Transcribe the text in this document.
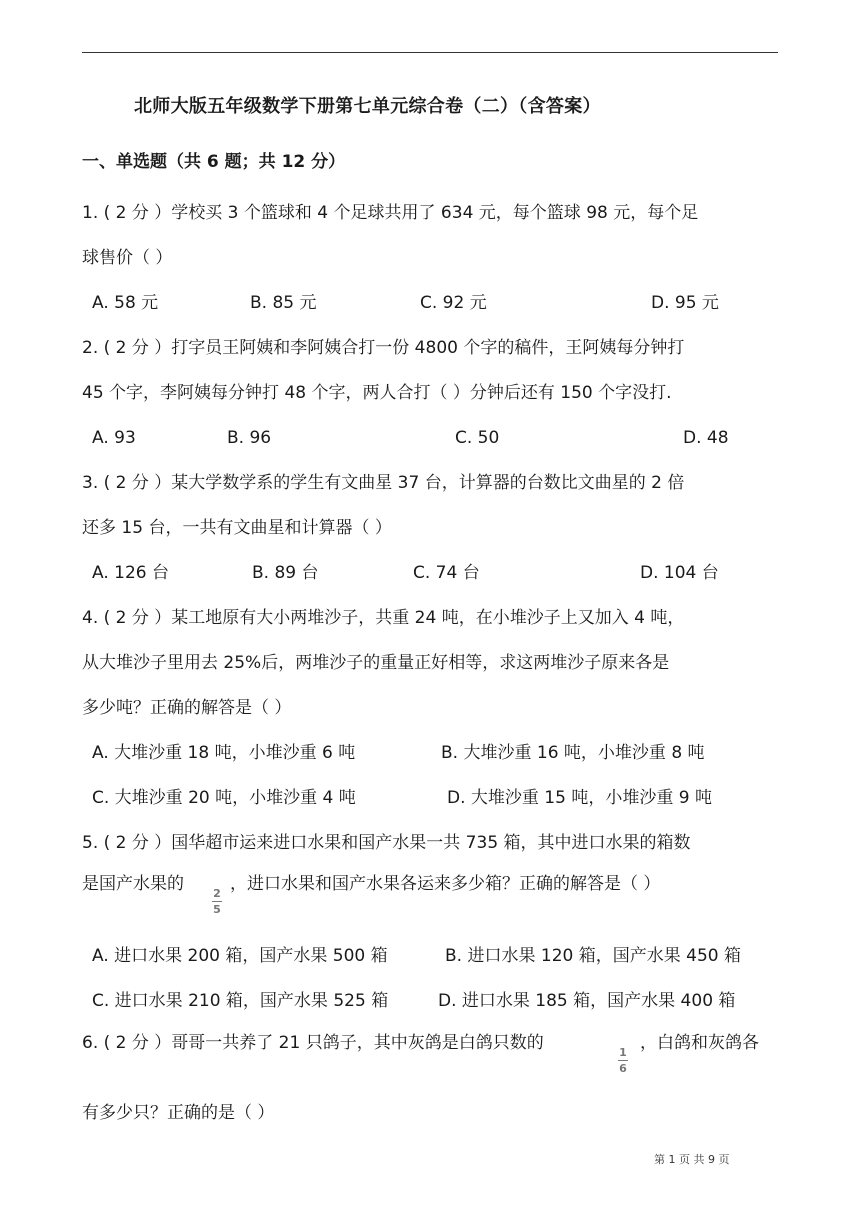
北师大版五年级数学下册第七单元综合卷（二）（含答案）
一、单选题（共 6 题；共 12 分）
1. ( 2 分 ）学校买 3 个篮球和 4 个足球共用了 634 元，每个篮球 98 元，每个足
球售价（ ）
A. 58 元	B. 85 元	C. 92 元	D. 95 元
2. ( 2 分 ）打字员王阿姨和李阿姨合打一份 4800 个字的稿件，王阿姨每分钟打
45 个字，李阿姨每分钟打 48 个字，两人合打（ ）分钟后还有 150 个字没打.
A. 93	B. 96	C. 50	D. 48
3. ( 2 分 ）某大学数学系的学生有文曲星 37 台，计算器的台数比文曲星的 2 倍
还多 15 台，一共有文曲星和计算器（ ）
A. 126 台	B. 89 台	C. 74 台	D. 104 台
4. ( 2 分 ）某工地原有大小两堆沙子，共重 24 吨，在小堆沙子上又加入 4 吨，
从大堆沙子里用去 25%后，两堆沙子的重量正好相等，求这两堆沙子原来各是
多少吨？正确的解答是（ ）
A. 大堆沙重 18 吨，小堆沙重 6 吨	B. 大堆沙重 16 吨，小堆沙重 8 吨
C. 大堆沙重 20 吨，小堆沙重 4 吨	D. 大堆沙重 15 吨，小堆沙重 9 吨
5. ( 2 分 ）国华超市运来进口水果和国产水果一共 735 箱，其中进口水果的箱数
是国产水果的	2
5
，进口水果和国产水果各运来多少箱？正确的解答是（ ）
A. 进口水果 200 箱，国产水果 500 箱	B. 进口水果 120 箱，国产水果 450 箱
C. 进口水果 210 箱，国产水果 525 箱	D. 进口水果 185 箱，国产水果 400 箱
6. ( 2 分 ）哥哥一共养了 21 只鸽子，其中灰鸽是白鸽只数的	1
6
，白鸽和灰鸽各
有多少只？正确的是（ ）
第 1 页 共 9 页
